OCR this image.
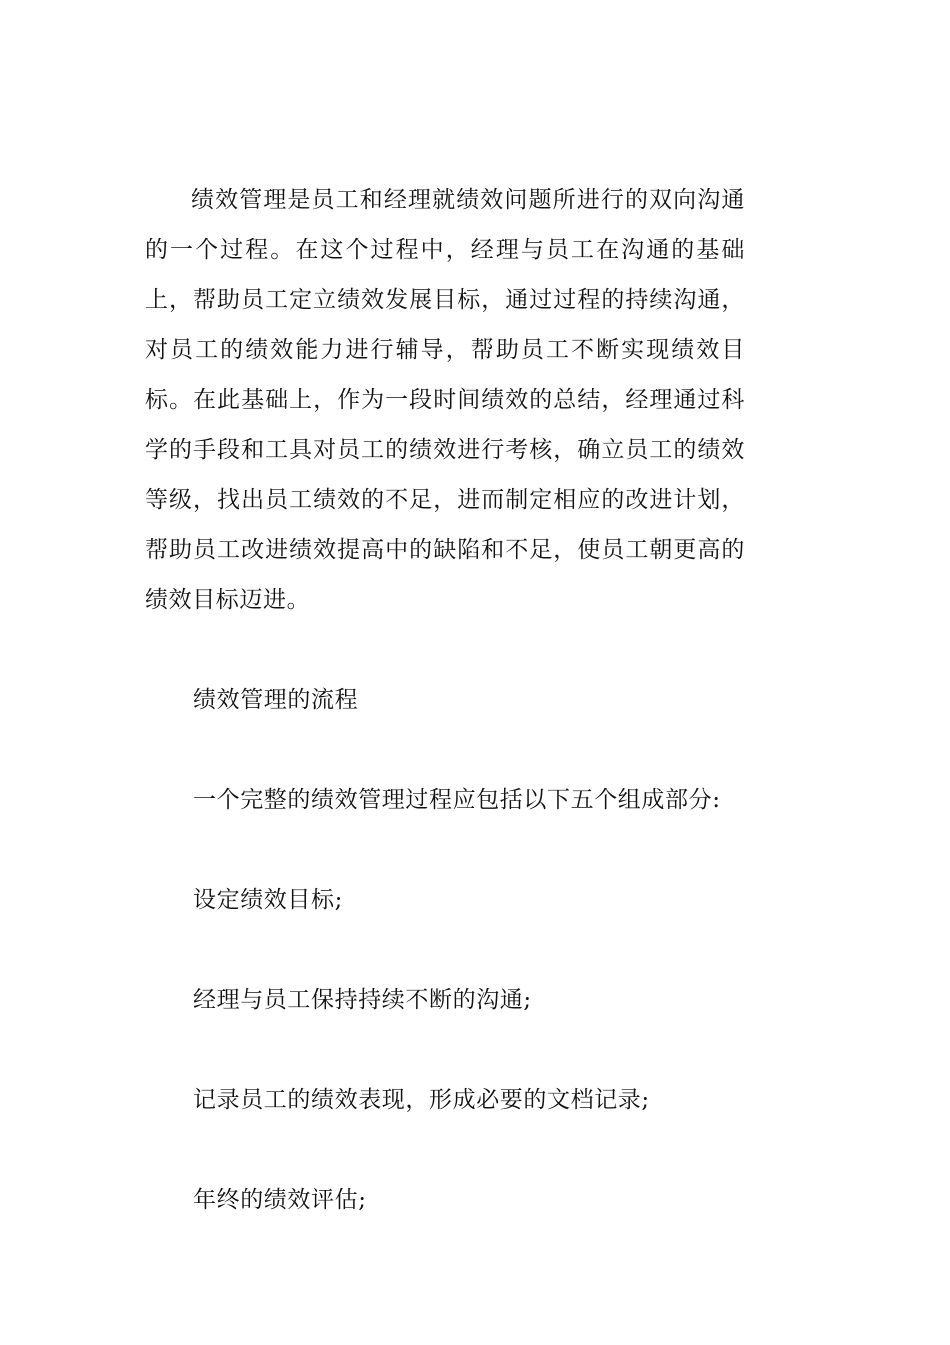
绩效管理是员工和经理就绩效问题所进行的双向沟通的一个过程。在这个过程中，经理与员工在沟通的基础上，帮助员工定立绩效发展目标，通过过程的持续沟通，对员工的绩效能力进行辅导，帮助员工不断实现绩效目标。在此基础上，作为一段时间绩效的总结，经理通过科学的手段和工具对员工的绩效进行考核，确立员工的绩效等级，找出员工绩效的不足，进而制定相应的改进计划，帮助员工改进绩效提高中的缺陷和不足，使员工朝更高的绩效目标迈进。

绩效管理的流程

一个完整的绩效管理过程应包括以下五个组成部分:

设定绩效目标;

经理与员工保持持续不断的沟通;

记录员工的绩效表现，形成必要的文档记录;

年终的绩效评估;
